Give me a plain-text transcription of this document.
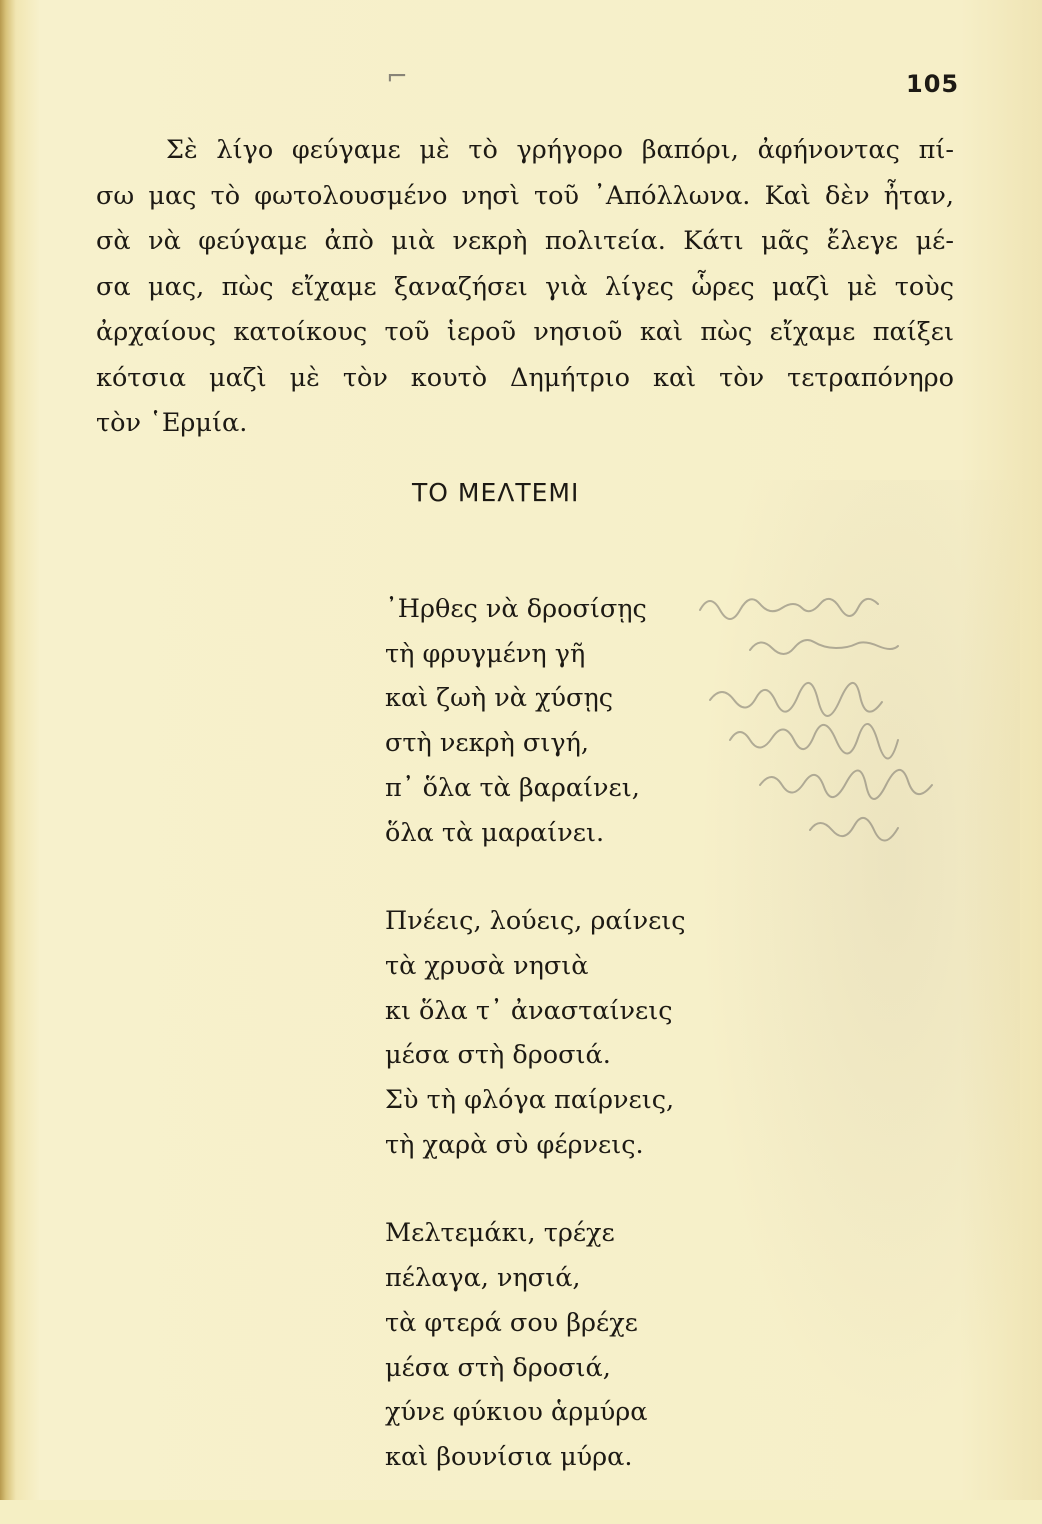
105
Σὲ λίγο φεύγαμε μὲ τὸ γρήγορο βαπόρι, ἀφήνοντας πί-
σω μας τὸ φωτολουσμένο νησὶ τοῦ ᾿Απόλλωνα. Καὶ δὲν ἦταν,
σὰ νὰ φεύγαμε ἀπὸ μιὰ νεκρὴ πολιτεία. Κάτι μᾶς ἔλεγε μέ-
σα μας, πὼς εἴχαμε ξαναζήσει γιὰ λίγες ὧρες μαζὶ μὲ τοὺς
ἀρχαίους κατοίκους τοῦ ἱεροῦ νησιοῦ καὶ πὼς εἴχαμε παίξει
κότσια μαζὶ μὲ τὸν κουτὸ Δημήτριο καὶ τὸν τετραπόνηρο
τὸν ῾Ερμία.
ΤΟ ΜΕΛΤΕΜΙ
᾿Ηρθες νὰ δροσίσῃς
τὴ φρυγμένη γῆ
καὶ ζωὴ νὰ χύσῃς
στὴ νεκρὴ σιγή,
π᾿ ὅλα τὰ βαραίνει,
ὅλα τὰ μαραίνει.
Πνέεις, λούεις, ραίνεις
τὰ χρυσὰ νησιὰ
κι ὅλα τ᾿ ἀνασταίνεις
μέσα στὴ δροσιά.
Σὺ τὴ φλόγα παίρνεις,
τὴ χαρὰ σὺ φέρνεις.
Μελτεμάκι, τρέχε
πέλαγα, νησιά,
τὰ φτερά σου βρέχε
μέσα στὴ δροσιά,
χύνε φύκιου ἁρμύρα
καὶ βουνίσια μύρα.
⌐
